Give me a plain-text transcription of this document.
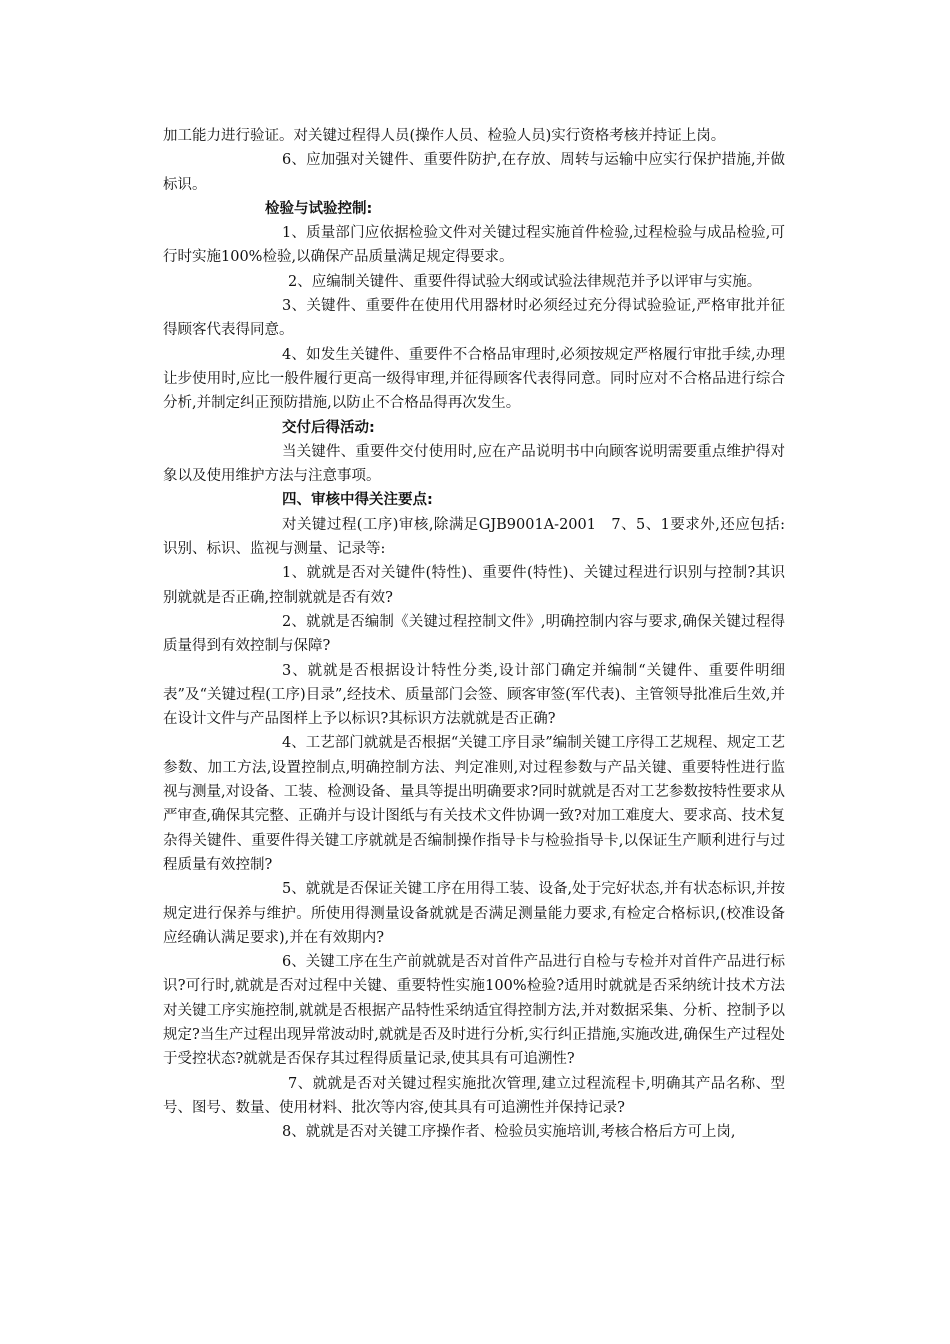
加工能力进行验证。对关键过程得人员(操作人员、检验人员)实行资格考核并持证上岗。

6、应加强对关键件、重要件防护,在存放、周转与运输中应实行保护措施,并做标识。

检验与试验控制:

1、质量部门应依据检验文件对关键过程实施首件检验,过程检验与成品检验,可行时实施100%检验,以确保产品质量满足规定得要求。

2、应编制关键件、重要件得试验大纲或试验法律规范并予以评审与实施。

3、关键件、重要件在使用代用器材时必须经过充分得试验验证,严格审批并征得顾客代表得同意。

4、如发生关键件、重要件不合格品审理时,必须按规定严格履行审批手续,办理让步使用时,应比一般件履行更高一级得审理,并征得顾客代表得同意。同时应对不合格品进行综合分析,并制定纠正预防措施,以防止不合格品得再次发生。

交付后得活动:

当关键件、重要件交付使用时,应在产品说明书中向顾客说明需要重点维护得对象以及使用维护方法与注意事项。

四、审核中得关注要点:

对关键过程(工序)审核,除满足GJB9001A-2001　7、5、1要求外,还应包括:识别、标识、监视与测量、记录等:

1、就就是否对关键件(特性)、重要件(特性)、关键过程进行识别与控制?其识别就就是否正确,控制就就是否有效?

2、就就是否编制《关键过程控制文件》,明确控制内容与要求,确保关键过程得质量得到有效控制与保障?

3、就就是否根据设计特性分类,设计部门确定并编制“关键件、重要件明细表”及“关键过程(工序)目录”,经技术、质量部门会签、顾客审签(军代表)、主管领导批准后生效,并在设计文件与产品图样上予以标识?其标识方法就就是否正确?

4、工艺部门就就是否根据“关键工序目录”编制关键工序得工艺规程、规定工艺参数、加工方法,设置控制点,明确控制方法、判定准则,对过程参数与产品关键、重要特性进行监视与测量,对设备、工装、检测设备、量具等提出明确要求?同时就就是否对工艺参数按特性要求从严审查,确保其完整、正确并与设计图纸与有关技术文件协调一致?对加工难度大、要求高、技术复杂得关键件、重要件得关键工序就就是否编制操作指导卡与检验指导卡,以保证生产顺利进行与过程质量有效控制?

5、就就是否保证关键工序在用得工装、设备,处于完好状态,并有状态标识,并按规定进行保养与维护。所使用得测量设备就就是否满足测量能力要求,有检定合格标识,(校准设备应经确认满足要求),并在有效期内?

6、关键工序在生产前就就是否对首件产品进行自检与专检并对首件产品进行标识?可行时,就就是否对过程中关键、重要特性实施100%检验?适用时就就是否采纳统计技术方法对关键工序实施控制,就就是否根据产品特性采纳适宜得控制方法,并对数据采集、分析、控制予以规定?当生产过程出现异常波动时,就就是否及时进行分析,实行纠正措施,实施改进,确保生产过程处于受控状态?就就是否保存其过程得质量记录,使其具有可追溯性?

7、就就是否对关键过程实施批次管理,建立过程流程卡,明确其产品名称、型号、图号、数量、使用材料、批次等内容,使其具有可追溯性并保持记录?

8、就就是否对关键工序操作者、检验员实施培训,考核合格后方可上岗,
